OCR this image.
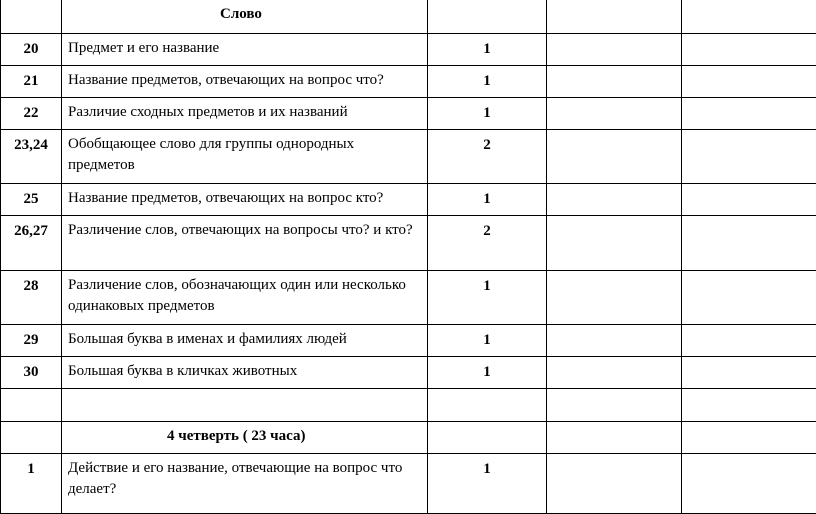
	Слово			
20	Предмет и его название	1		
21	Название предметов, отвечающих на вопрос что?	1		
22	Различие сходных предметов и их названий	1		
23,24	Обобщающее слово для группы однородных предметов	2		
25	Название предметов, отвечающих на вопрос кто?	1		
26,27	Различение слов, отвечающих на вопросы что? и кто?	2		
28	Различение слов, обозначающих один или несколько одинаковых предметов	1		
29	Большая буква в именах и фамилиях людей	1		
30	Большая буква в кличках животных	1		

	4 четверть ( 23 часа)			
1	Действие и его название, отвечающие на вопрос что делает?	1		
